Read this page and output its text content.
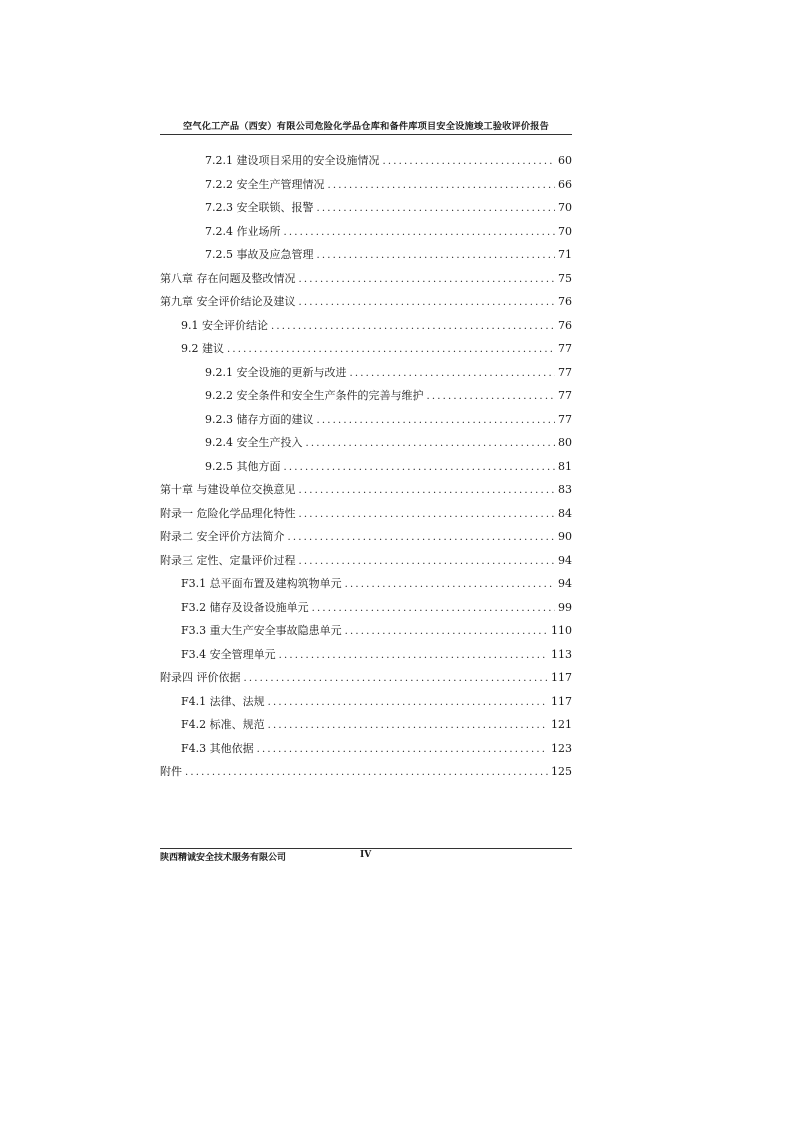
空气化工产品（西安）有限公司危险化学品仓库和备件库项目安全设施竣工验收评价报告
7.2.1 建设项目采用的安全设施情况 .....	60
7.2.2 安全生产管理情况 .....	66
7.2.3 安全联锁、报警 .....	70
7.2.4 作业场所 .....	70
7.2.5 事故及应急管理 .....	71
第八章 存在问题及整改情况 .....	75
第九章 安全评价结论及建议 .....	76
9.1 安全评价结论 .....	76
9.2 建议 .....	77
9.2.1 安全设施的更新与改进 .....	77
9.2.2 安全条件和安全生产条件的完善与维护 .....	77
9.2.3 储存方面的建议 .....	77
9.2.4 安全生产投入 .....	80
9.2.5 其他方面 .....	81
第十章 与建设单位交换意见 .....	83
附录一 危险化学品理化特性 .....	84
附录二 安全评价方法简介 .....	90
附录三 定性、定量评价过程 .....	94
F3.1 总平面布置及建构筑物单元 .....	94
F3.2 储存及设备设施单元 .....	99
F3.3 重大生产安全事故隐患单元 .....	110
F3.4 安全管理单元 .....	113
附录四 评价依据 .....	117
F4.1 法律、法规 .....	117
F4.2 标准、规范 .....	121
F4.3 其他依据 .....	123
附件 .....	125
陕西精诚安全技术服务有限公司	IV
